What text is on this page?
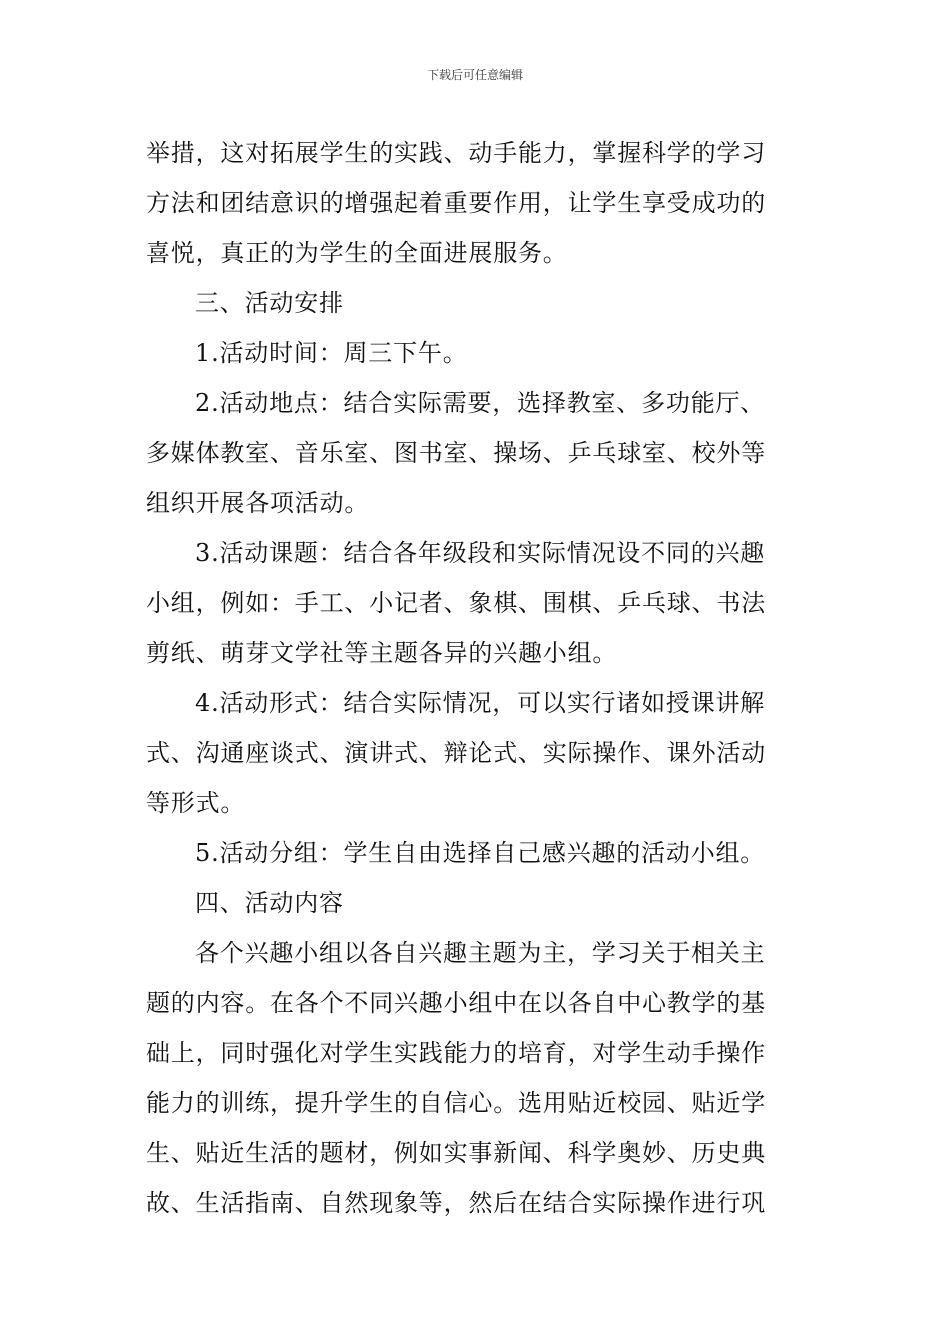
下载后可任意编辑

举措，这对拓展学生的实践、动手能力，掌握科学的学习
方法和团结意识的增强起着重要作用，让学生享受成功的
喜悦，真正的为学生的全面进展服务。

三、活动安排

1.活动时间：周三下午。

2.活动地点：结合实际需要，选择教室、多功能厅、
多媒体教室、音乐室、图书室、操场、乒乓球室、校外等
组织开展各项活动。

3.活动课题：结合各年级段和实际情况设不同的兴趣
小组，例如：手工、小记者、象棋、围棋、乒乓球、书法
剪纸、萌芽文学社等主题各异的兴趣小组。

4.活动形式：结合实际情况，可以实行诸如授课讲解
式、沟通座谈式、演讲式、辩论式、实际操作、课外活动
等形式。

5.活动分组：学生自由选择自己感兴趣的活动小组。

四、活动内容

各个兴趣小组以各自兴趣主题为主，学习关于相关主
题的内容。在各个不同兴趣小组中在以各自中心教学的基
础上，同时强化对学生实践能力的培育，对学生动手操作
能力的训练，提升学生的自信心。选用贴近校园、贴近学
生、贴近生活的题材，例如实事新闻、科学奥妙、历史典
故、生活指南、自然现象等，然后在结合实际操作进行巩
